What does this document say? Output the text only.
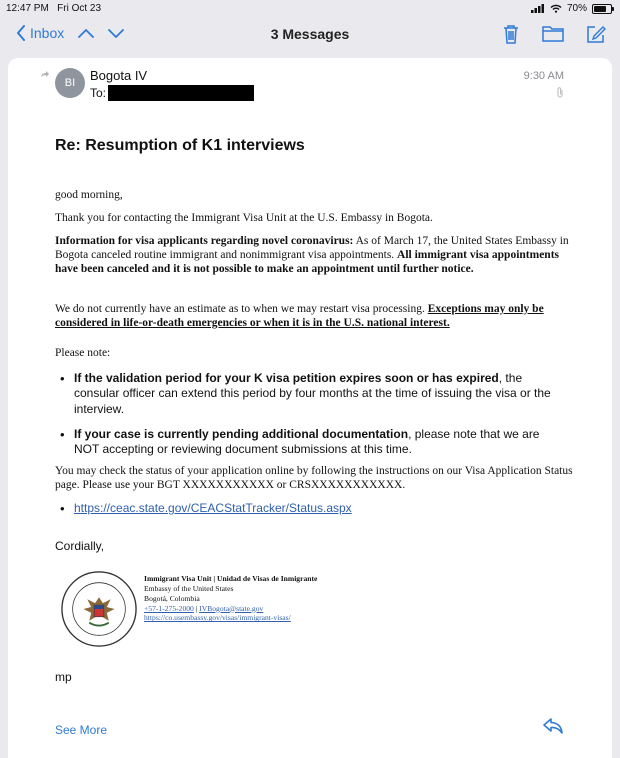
12:47 PM Fri Oct 23	70%
Inbox	3 Messages
BI	Bogota IV
To:
9:30 AM
Re: Resumption of K1 interviews
good morning,
Thank you for contacting the Immigrant Visa Unit at the U.S. Embassy in Bogota.
Information for visa applicants regarding novel coronavirus: As of March 17, the United States Embassy in Bogota canceled routine immigrant and nonimmigrant visa appointments. All immigrant visa appointments have been canceled and it is not possible to make an appointment until further notice.
We do not currently have an estimate as to when we may restart visa processing. Exceptions may only be considered in life-or-death emergencies or when it is in the U.S. national interest.
Please note:
• If the validation period for your K visa petition expires soon or has expired, the consular officer can extend this period by four months at the time of issuing the visa or the interview.
• If your case is currently pending additional documentation, please note that we are NOT accepting or reviewing document submissions at this time.
You may check the status of your application online by following the instructions on our Visa Application Status page. Please use your BGT XXXXXXXXXXX or CRSXXXXXXXXXXX.
• https://ceac.state.gov/CEACStatTracker/Status.aspx
Cordially,
Immigrant Visa Unit | Unidad de Visas de Inmigrante
Embassy of the United States
Bogotá, Colombia
+57-1-275-2000 | IVBogota@state.gov
https://co.usembassy.gov/visas/immigrant-visas/
mp
See More
